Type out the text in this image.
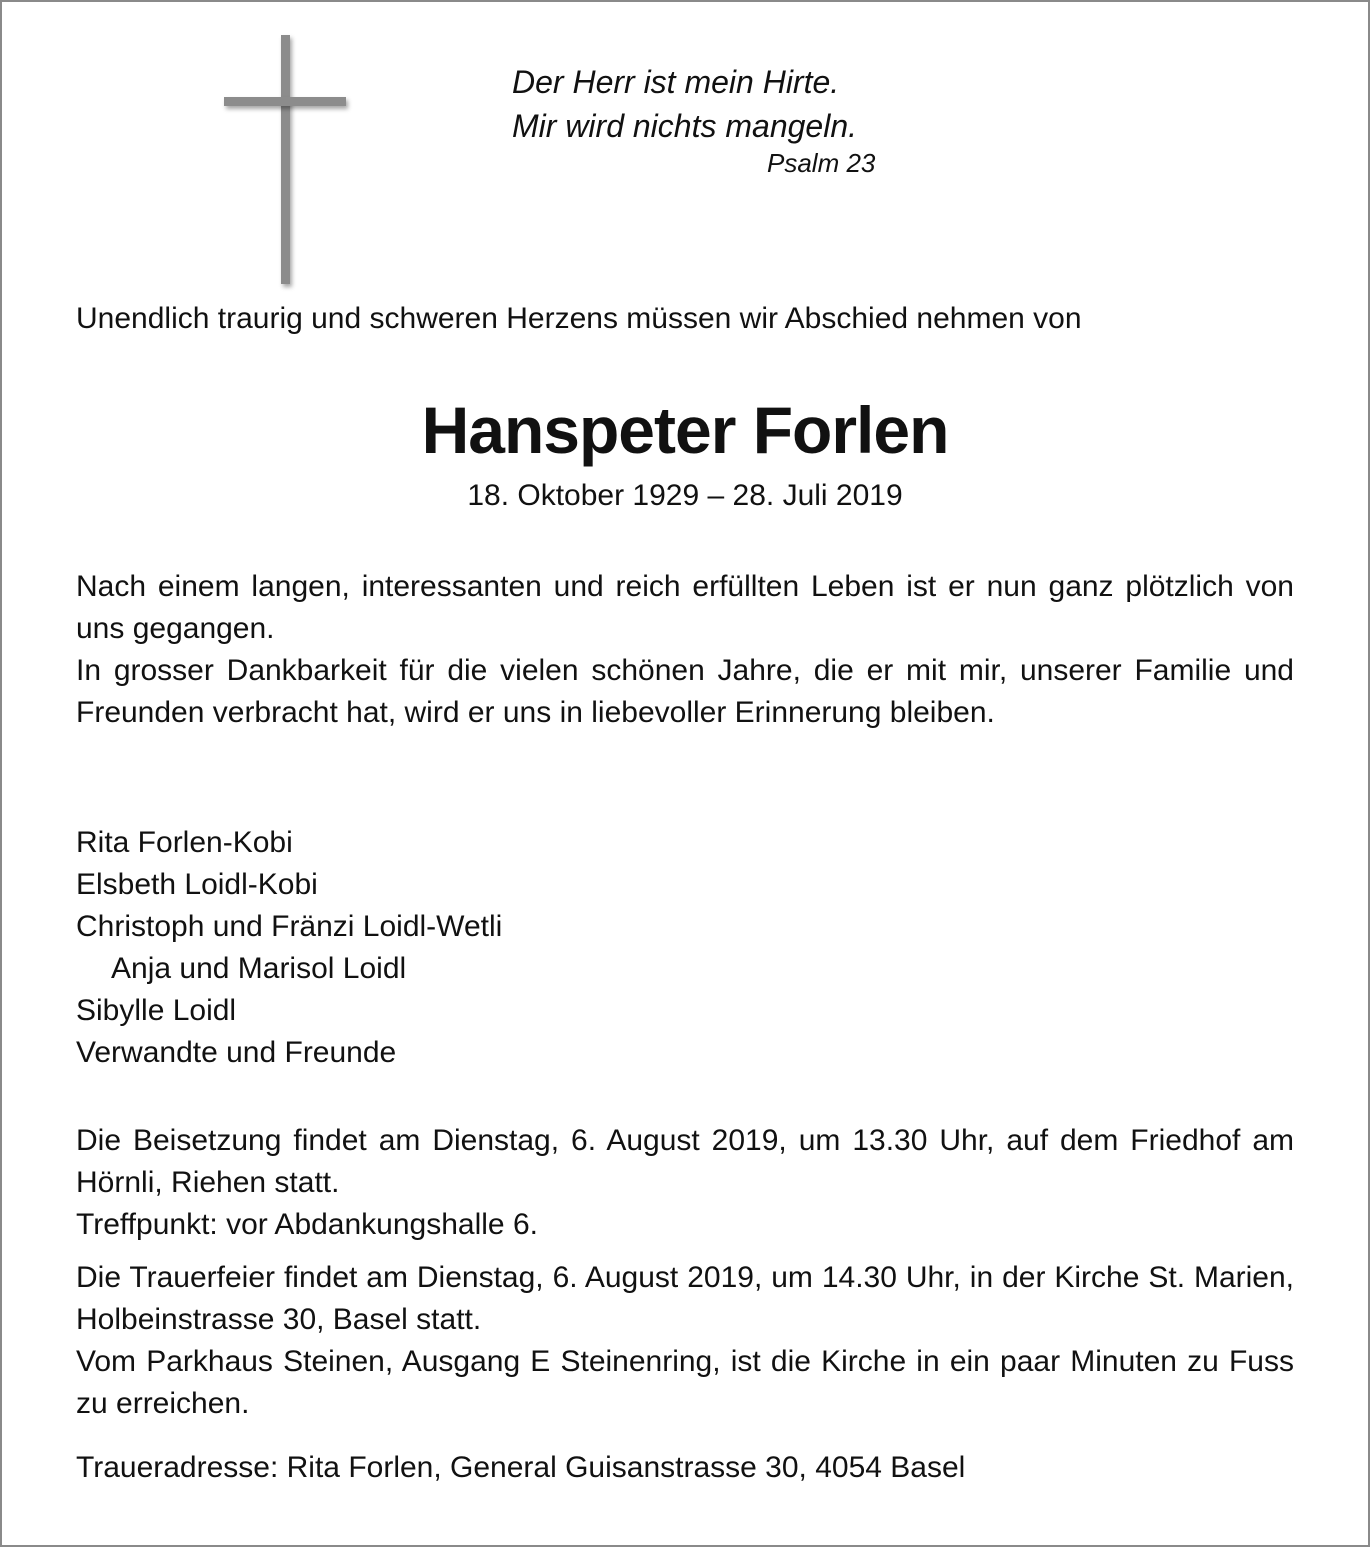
Der Herr ist mein Hirte.
Mir wird nichts mangeln.
Psalm 23
Unendlich traurig und schweren Herzens müssen wir Abschied nehmen von
Hanspeter Forlen
18. Oktober 1929 – 28. Juli 2019
Nach einem langen, interessanten und reich erfüllten Leben ist er nun ganz plötzlich von uns gegangen.
In grosser Dankbarkeit für die vielen schönen Jahre, die er mit mir, unserer Familie und Freunden verbracht hat, wird er uns in liebevoller Erinnerung bleiben.
Rita Forlen-Kobi
Elsbeth Loidl-Kobi
Christoph und Fränzi Loidl-Wetli
Anja und Marisol Loidl
Sibylle Loidl
Verwandte und Freunde
Die Beisetzung findet am Dienstag, 6. August 2019, um 13.30 Uhr, auf dem Friedhof am Hörnli, Riehen statt.
Treffpunkt: vor Abdankungshalle 6.
Die Trauerfeier findet am Dienstag, 6. August 2019, um 14.30 Uhr, in der Kirche St. Marien, Holbeinstrasse 30, Basel statt.
Vom Parkhaus Steinen, Ausgang E Steinenring, ist die Kirche in ein paar Minuten zu Fuss zu erreichen.
Traueradresse: Rita Forlen, General Guisanstrasse 30, 4054 Basel
